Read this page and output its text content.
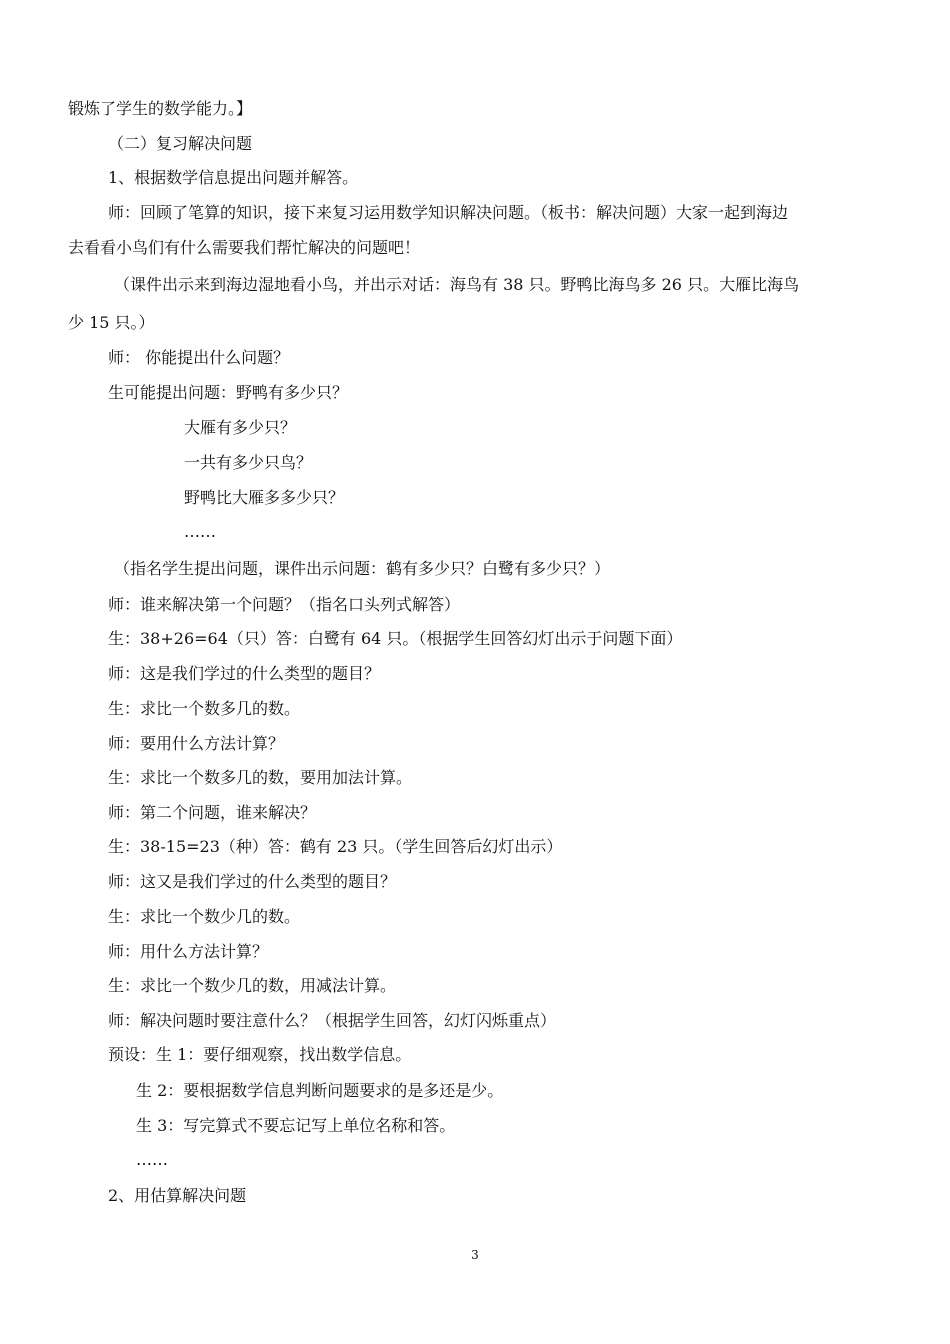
锻炼了学生的数学能力。】
（二）复习解决问题
1、根据数学信息提出问题并解答。
师：回顾了笔算的知识，接下来复习运用数学知识解决问题。（板书：解决问题）大家一起到海边
去看看小鸟们有什么需要我们帮忙解决的问题吧！
（课件出示来到海边湿地看小鸟，并出示对话：海鸟有 38 只。野鸭比海鸟多 26 只。大雁比海鸟
少 15 只。）
师： 你能提出什么问题？
生可能提出问题：野鸭有多少只？
大雁有多少只？
一共有多少只鸟？
野鸭比大雁多多少只？
……
（指名学生提出问题，课件出示问题：鹤有多少只？白鹭有多少只？）
师：谁来解决第一个问题？（指名口头列式解答）
生：38+26=64（只）答：白鹭有 64 只。（根据学生回答幻灯出示于问题下面）
师：这是我们学过的什么类型的题目？
生：求比一个数多几的数。
师：要用什么方法计算？
生：求比一个数多几的数，要用加法计算。
师：第二个问题，谁来解决？
生：38-15=23（种）答：鹤有 23 只。（学生回答后幻灯出示）
师：这又是我们学过的什么类型的题目？
生：求比一个数少几的数。
师：用什么方法计算？
生：求比一个数少几的数，用减法计算。
师：解决问题时要注意什么？（根据学生回答，幻灯闪烁重点）
预设：生 1：要仔细观察，找出数学信息。
生 2：要根据数学信息判断问题要求的是多还是少。
生 3：写完算式不要忘记写上单位名称和答。
……
2、用估算解决问题
3
